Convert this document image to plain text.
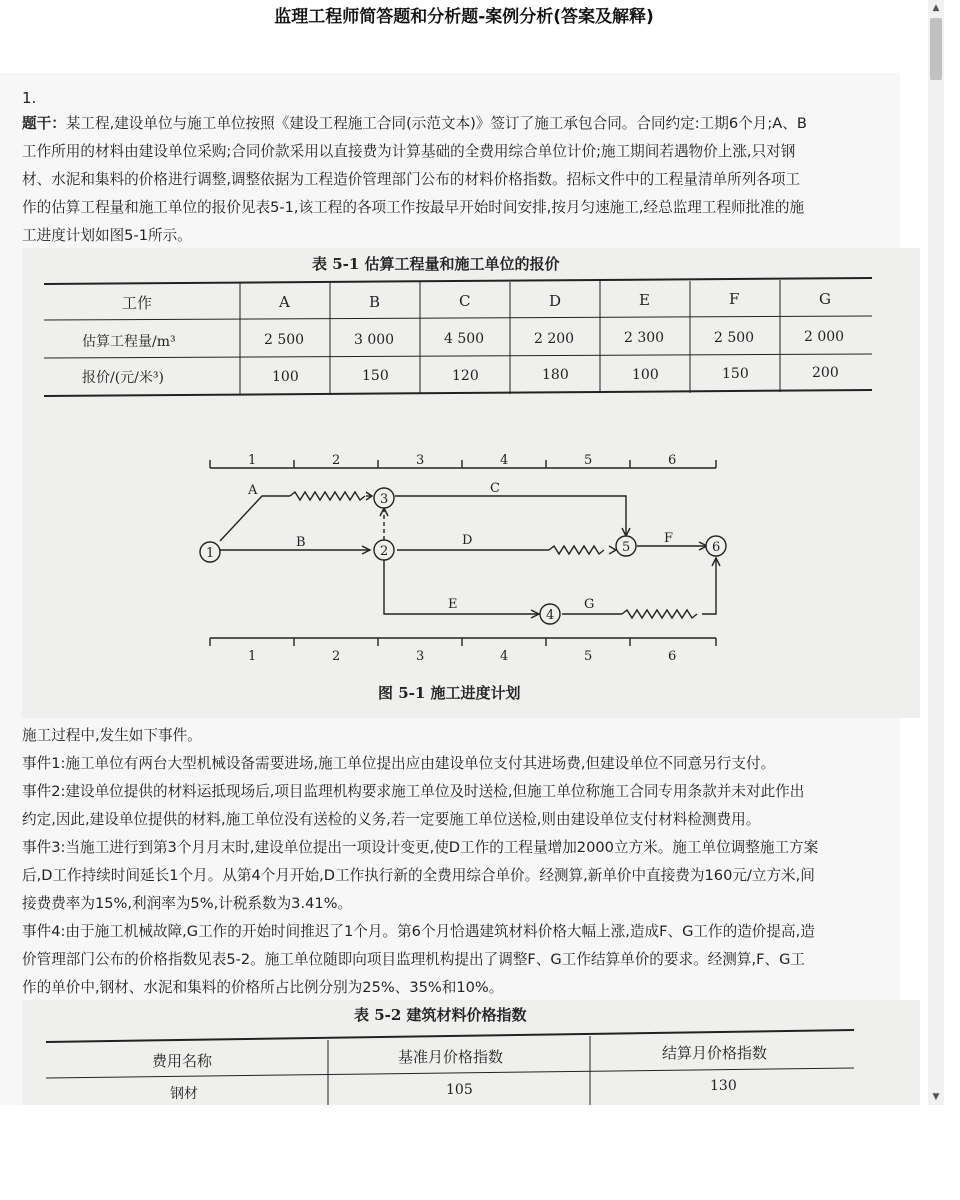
监理工程师简答题和分析题-案例分析(答案及解释)
1.
题干：某工程,建设单位与施工单位按照《建设工程施工合同(示范文本)》签订了施工承包合同。合同约定:工期6个月;A、B
工作所用的材料由建设单位采购;合同价款采用以直接费为计算基础的全费用综合单位计价;施工期间若遇物价上涨,只对钢
材、水泥和集料的价格进行调整,调整依据为工程造价管理部门公布的材料价格指数。招标文件中的工程量清单所列各项工
作的估算工程量和施工单位的报价见表5-1,该工程的各项工作按最早开始时间安排,按月匀速施工,经总监理工程师批准的施
工进度计划如图5-1所示。
表 5-1 估算工程量和施工单位的报价
工作	A	B	C	D	E	F	G
估算工程量/m³	2 500	3 000	4 500	2 200	2 300	2 500	2 000
报价/(元/米³)	100	150	120	180	100	150	200
1	2	3	4	5	6
1	2	3	4	5	6
1	2
3
4
5	6
A
B
C
D
E
F
G
图 5-1 施工进度计划
施工过程中,发生如下事件。
事件1:施工单位有两台大型机械设备需要进场,施工单位提出应由建设单位支付其进场费,但建设单位不同意另行支付。
事件2:建设单位提供的材料运抵现场后,项目监理机构要求施工单位及时送检,但施工单位称施工合同专用条款并未对此作出
约定,因此,建设单位提供的材料,施工单位没有送检的义务,若一定要施工单位送检,则由建设单位支付材料检测费用。
事件3:当施工进行到第3个月月末时,建设单位提出一项设计变更,使D工作的工程量增加2000立方米。施工单位调整施工方案
后,D工作持续时间延长1个月。从第4个月开始,D工作执行新的全费用综合单价。经测算,新单价中直接费为160元/立方米,间
接费费率为15%,利润率为5%,计税系数为3.41%。
事件4:由于施工机械故障,G工作的开始时间推迟了1个月。第6个月恰遇建筑材料价格大幅上涨,造成F、G工作的造价提高,造
价管理部门公布的价格指数见表5-2。施工单位随即向项目监理机构提出了调整F、G工作结算单价的要求。经测算,F、G工
作的单价中,钢材、水泥和集料的价格所占比例分别为25%、35%和10%。
表 5-2 建筑材料价格指数
费用名称	基准月价格指数	结算月价格指数
钢材	105	130
▲
▼
